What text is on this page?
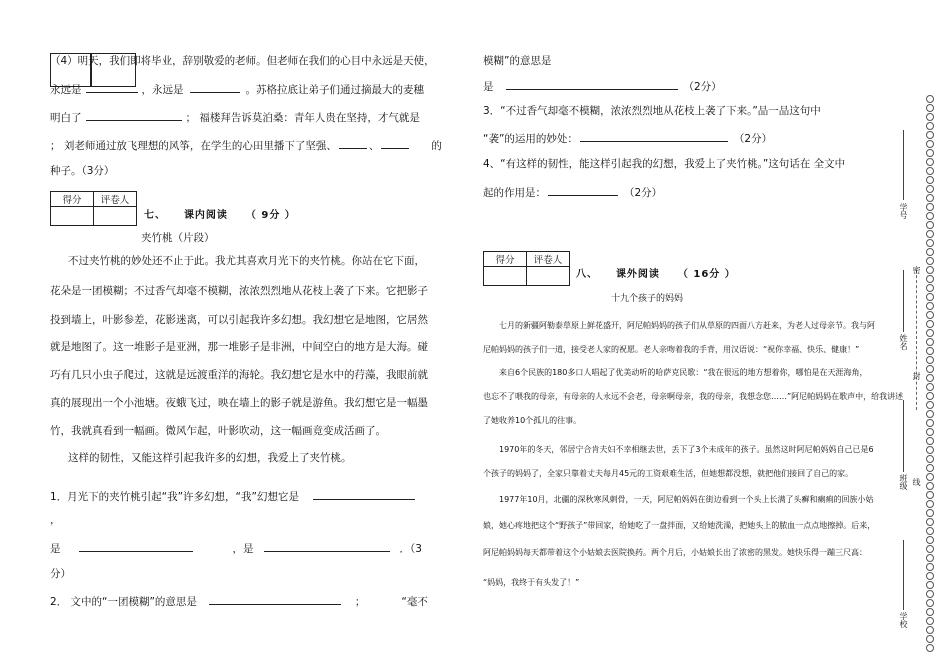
（4）明天，我们即将毕业，辞别敬爱的老师。但老师在我们的心目中永远是天使，
永远是	，永远是	。苏格拉底让弟子们通过摘最大的麦穗
明白了	； 福楼拜告诉莫泊桑：青年人贵在坚持，才气就是
； 刘老师通过放飞理想的风筝，在学生的心田里播下了坚强、	、	的
种子。（3分）
得分	评卷人

七、 课内阅读 （ 9分 ）
夹竹桃（片段）
不过夹竹桃的妙处还不止于此。我尤其喜欢月光下的夹竹桃。你站在它下面，
花朵是一团模糊；不过香气却毫不模糊，浓浓烈烈地从花枝上袭了下来。它把影子
投到墙上，叶影参差，花影迷离，可以引起我许多幻想。我幻想它是地图，它居然
就是地图了。这一堆影子是亚洲，那一堆影子是非洲，中间空白的地方是大海。碰
巧有几只小虫子爬过，这就是远渡重洋的海轮。我幻想它是水中的荇藻，我眼前就
真的展现出一个小池塘。夜蛾飞过，映在墙上的影子就是游鱼。我幻想它是一幅墨
竹，我就真看到一幅画。微风乍起，叶影吹动，这一幅画竟变成活画了。
这样的韧性，又能这样引起我许多的幻想，我爱上了夹竹桃。
1．月光下的夹竹桃引起“我”许多幻想，“我”幻想它是
，
是	，是	．（3
分）
2． 文中的“一团模糊”的意思是	；	“毫不
模糊”的意思是
是	（2分）
3．“不过香气却毫不模糊，浓浓烈烈地从花枝上袭了下来。”品一品这句中
“袭”的运用的妙处：	（2分）
4、“有这样的韧性，能这样引起我的幻想，我爱上了夹竹桃。”这句话在 全文中
起的作用是：	（2分）
得分	评卷人

八、 课外阅读 （ 16分 ）
十九个孩子的妈妈
七月的新疆阿勒泰草原上鲜花盛开，阿尼帕妈妈的孩子们从草原的四面八方赶来，为老人过母亲节。我与阿
尼帕妈妈的孩子们一道，接受老人家的祝愿。老人亲吻着我的手背，用汉语说：“祝你幸福、快乐、健康！”
来自6个民族的180多口人唱起了优美动听的哈萨克民歌：“我在很远的地方想着你，哪怕是在天涯海角，
也忘不了喂我的母亲，有母亲的人永远不会老，母亲啊母亲，我的母亲，我想念您……”阿尼帕妈妈在歌声中，给我讲述
了她收养10个孤儿的往事。
1970年的冬天，邻居宁合肯夫妇不幸相继去世，丢下了3个未成年的孩子。虽然这时阿尼帕妈妈自己已是6
个孩子的妈妈了，全家只靠着丈夫每月45元的工资艰难生活，但她想都没想，就把他们接回了自己的家。
1977年10月，北疆的深秋寒风刺骨，一天，阿尼帕妈妈在街边看到一个头上长满了头癣和瘌痢的回族小姑
娘，她心疼地把这个“野孩子”带回家，给她吃了一盘拌面，又给她洗澡，把她头上的脓血一点点地擦掉。后来，
阿尼帕妈妈每天都带着这个小姑娘去医院换药。两个月后，小姑娘长出了浓密的黑发。她快乐得一蹦三尺高：
“妈妈，我终于有头发了！”
学号
姓名
班级
学校
密
封
线
